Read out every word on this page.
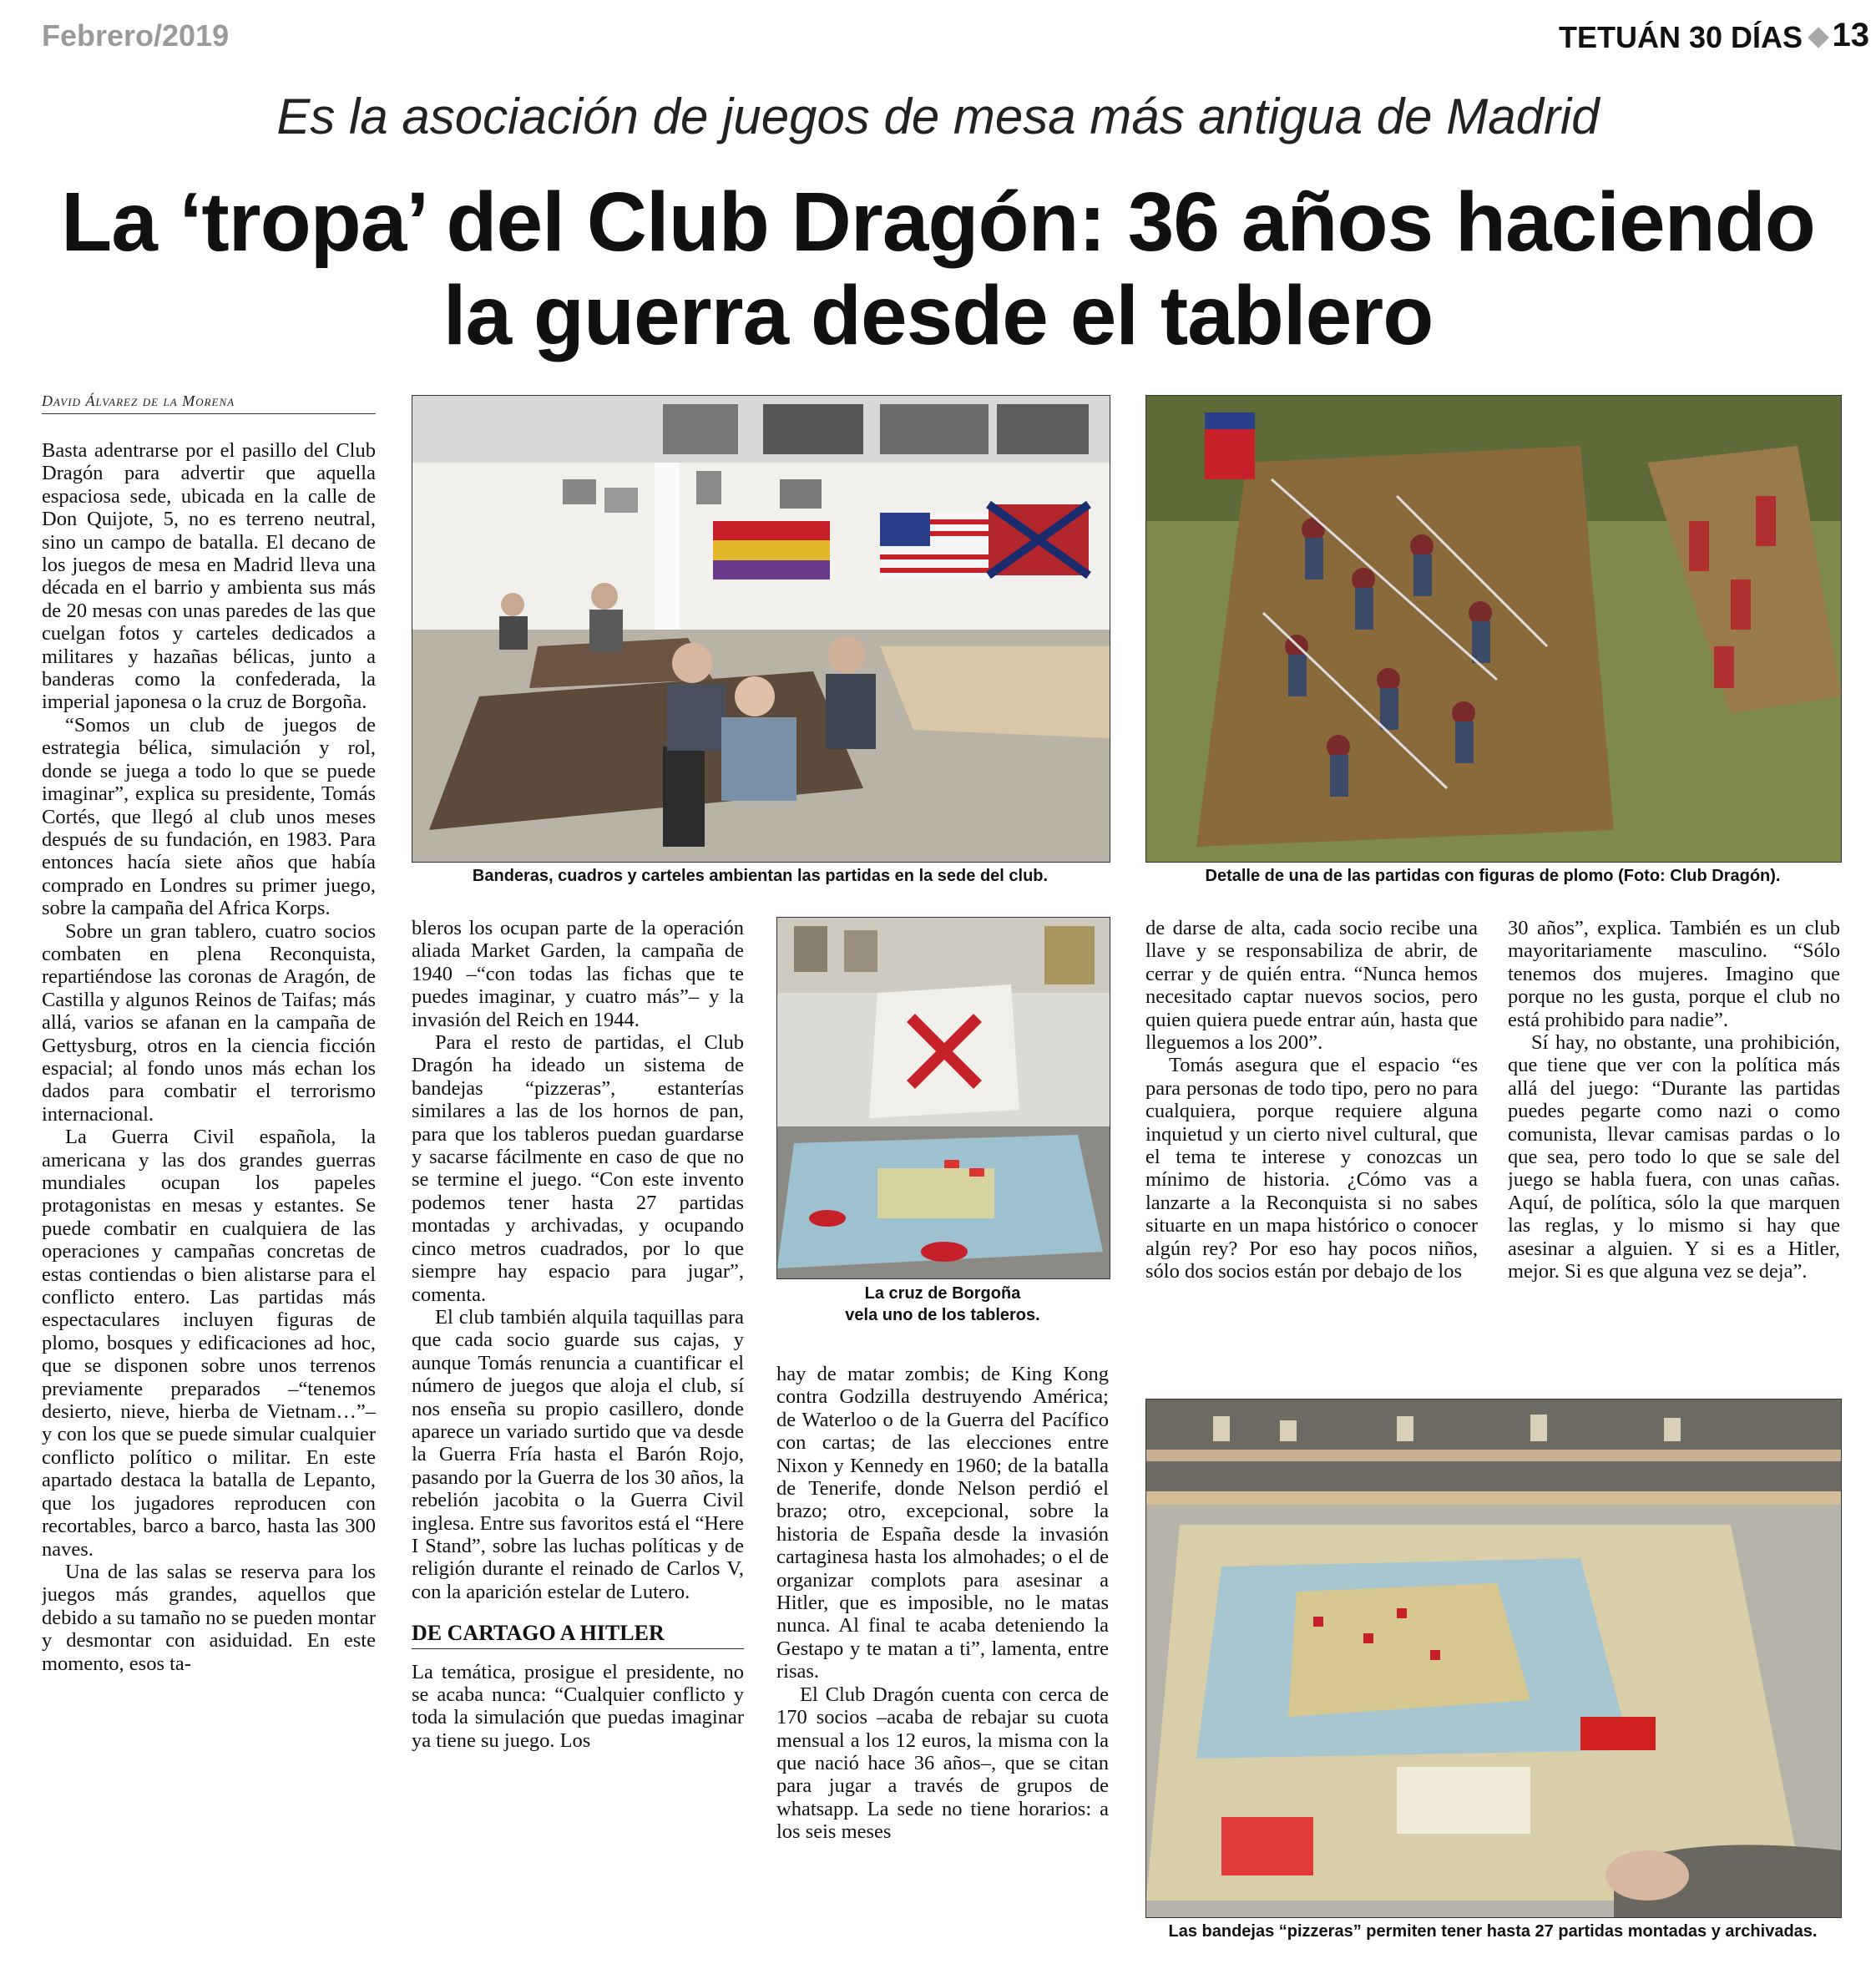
Febrero/2019	TETUÁN 30 DÍAS 13
Es la asociación de juegos de mesa más antigua de Madrid
La ‘tropa’ del Club Dragón: 36 años haciendo
la guerra desde el tablero
David Álvarez de la Morena
Banderas, cuadros y carteles ambientan las partidas en la sede del club.	Detalle de una de las partidas con figuras de plomo (Foto: Club Dragón).
La cruz de Borgoña
vela uno de los tableros.
Las bandejas “pizzeras” permiten tener hasta 27 partidas montadas y archivadas.

Basta adentrarse por el pasillo del Club Dragón para advertir que aquella espaciosa sede, ubicada en la calle de Don Quijote, 5, no es terreno neutral, sino un campo de batalla. El decano de los juegos de mesa en Madrid lleva una década en el barrio y ambienta sus más de 20 mesas con unas paredes de las que cuelgan fotos y carteles dedicados a militares y hazañas bélicas, junto a banderas como la confederada, la imperial japonesa o la cruz de Borgoña.

“Somos un club de juegos de estrategia bélica, simulación y rol, donde se juega a todo lo que se puede imaginar”, explica su presidente, Tomás Cortés, que llegó al club unos meses después de su fundación, en 1983. Para entonces hacía siete años que había comprado en Londres su primer juego, sobre la campaña del Africa Korps.

Sobre un gran tablero, cuatro socios combaten en plena Reconquista, repartiéndose las coronas de Aragón, de Castilla y algunos Reinos de Taifas; más allá, varios se afanan en la campaña de Gettysburg, otros en la ciencia ficción espacial; al fondo unos más echan los dados para combatir el terrorismo internacional.

La Guerra Civil española, la americana y las dos grandes guerras mundiales ocupan los papeles protagonistas en mesas y estantes. Se puede combatir en cualquiera de las operaciones y campañas concretas de estas contiendas o bien alistarse para el conflicto entero. Las partidas más espectaculares incluyen figuras de plomo, bosques y edificaciones ad hoc, que se disponen sobre unos terrenos previamente preparados –“tenemos desierto, nieve, hierba de Vietnam…”– y con los que se puede simular cualquier conflicto político o militar. En este apartado destaca la batalla de Lepanto, que los jugadores reproducen con recortables, barco a barco, hasta las 300 naves.

Una de las salas se reserva para los juegos más grandes, aquellos que debido a su tamaño no se pueden montar y desmontar con asiduidad. En este momento, esos ta-

bleros los ocupan parte de la operación aliada Market Garden, la campaña de 1940 –“con todas las fichas que te puedes imaginar, y cuatro más”– y la invasión del Reich en 1944.

Para el resto de partidas, el Club Dragón ha ideado un sistema de bandejas “pizzeras”, estanterías similares a las de los hornos de pan, para que los tableros puedan guardarse y sacarse fácilmente en caso de que no se termine el juego. “Con este invento podemos tener hasta 27 partidas montadas y archivadas, y ocupando cinco metros cuadrados, por lo que siempre hay espacio para jugar”, comenta.

El club también alquila taquillas para que cada socio guarde sus cajas, y aunque Tomás renuncia a cuantificar el número de juegos que aloja el club, sí nos enseña su propio casillero, donde aparece un variado surtido que va desde la Guerra Fría hasta el Barón Rojo, pasando por la Guerra de los 30 años, la rebelión jacobita o la Guerra Civil inglesa. Entre sus favoritos está el “Here I Stand”, sobre las luchas políticas y de religión durante el reinado de Carlos V, con la aparición estelar de Lutero.

DE CARTAGO A HITLER

La temática, prosigue el presidente, no se acaba nunca: “Cualquier conflicto y toda la simulación que puedas imaginar ya tiene su juego. Los

hay de matar zombis; de King Kong contra Godzilla destruyendo América; de Waterloo o de la Guerra del Pacífico con cartas; de las elecciones entre Nixon y Kennedy en 1960; de la batalla de Tenerife, donde Nelson perdió el brazo; otro, excepcional, sobre la historia de España desde la invasión cartaginesa hasta los almohades; o el de organizar complots para asesinar a Hitler, que es imposible, no le matas nunca. Al final te acaba deteniendo la Gestapo y te matan a ti”, lamenta, entre risas.

El Club Dragón cuenta con cerca de 170 socios –acaba de rebajar su cuota mensual a los 12 euros, la misma con la que nació hace 36 años–, que se citan para jugar a través de grupos de whatsapp. La sede no tiene horarios: a los seis meses

de darse de alta, cada socio recibe una llave y se responsabiliza de abrir, de cerrar y de quién entra. “Nunca hemos necesitado captar nuevos socios, pero quien quiera puede entrar aún, hasta que lleguemos a los 200”.

Tomás asegura que el espacio “es para personas de todo tipo, pero no para cualquiera, porque requiere alguna inquietud y un cierto nivel cultural, que el tema te interese y conozcas un mínimo de historia. ¿Cómo vas a lanzarte a la Reconquista si no sabes situarte en un mapa histórico o conocer algún rey? Por eso hay pocos niños, sólo dos socios están por debajo de los

30 años”, explica. También es un club mayoritariamente masculino. “Sólo tenemos dos mujeres. Imagino que porque no les gusta, porque el club no está prohibido para nadie”.

Sí hay, no obstante, una prohibición, que tiene que ver con la política más allá del juego: “Durante las partidas puedes pegarte como nazi o como comunista, llevar camisas pardas o lo que sea, pero todo lo que se sale del juego se habla fuera, con unas cañas. Aquí, de política, sólo la que marquen las reglas, y lo mismo si hay que asesinar a alguien. Y si es a Hitler, mejor. Si es que alguna vez se deja”.
